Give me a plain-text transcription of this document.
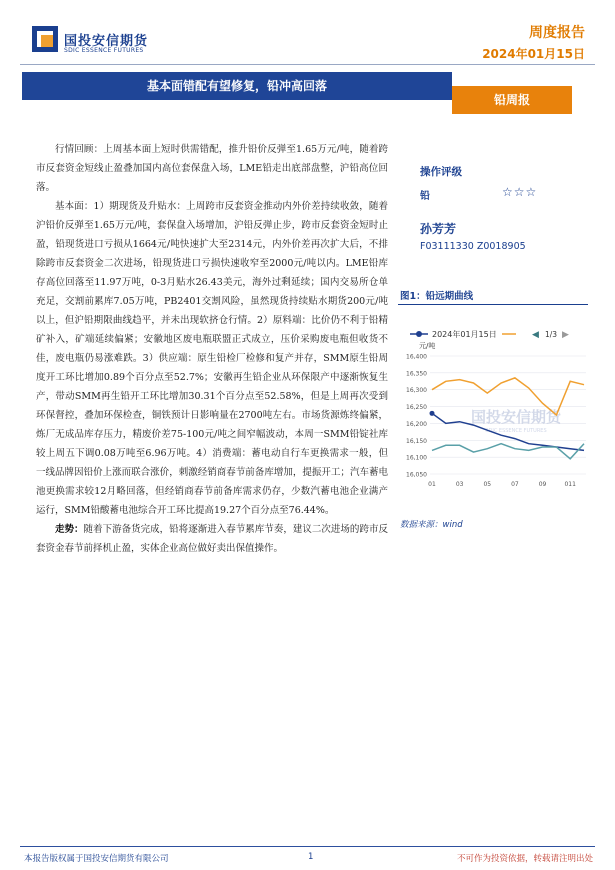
国投安信期货
SDIC ESSENCE FUTURES
周度报告
2024年01月15日
基本面错配有望修复，铅冲高回落
铅周报

行情回顾：上周基本面上短时供需错配，推升铅价反弹至1.65万元/吨，随着跨市反套资金短线止盈叠加国内高位套保盘入场，LME铅走出底部盘整，沪铅高位回落。

基本面：1）期现货及升贴水：上周跨市反套资金推动内外价差持续收敛，随着沪铅价反弹至1.65万元/吨，套保盘入场增加，沪铅反弹止步，跨市反套资金短时止盈，铅现货进口亏损从1664元/吨快速扩大至2314元，内外价差再次扩大后，不排除跨市反套资金二次进场，铅现货进口亏损快速收窄至2000元/吨以内。LME铅库存高位回落至11.97万吨，0-3月贴水26.43美元，海外过剩延续；国内交易所仓单充足，交割前累库7.05万吨，PB2401交割风险，虽然现货持续贴水期货200元/吨以上，但沪铅期限曲线趋平，并未出现软挤仓行情。2）原料端：比价仍不利于铅精矿补入，矿端延续偏紧；安徽地区废电瓶联盟正式成立，压价采购废电瓶但收货不佳，废电瓶仍易涨难跌。3）供应端：原生铅检厂检修和复产并存，SMM原生铅周度开工环比增加0.89个百分点至52.7%；安徽再生铅企业从环保限产中逐渐恢复生产，带动SMM再生铅开工环比增加30.31个百分点至52.58%，但是上周再次受到环保督控，叠加环保检查，铜铁预计日影响量在2700吨左右。市场货源炼终偏紧，炼厂无成品库存压力，精废价差75-100元/吨之间窄幅波动，本周一SMM铅锭社库较上周五下调0.08万吨至6.96万吨。4）消费端：蓄电动自行车更换需求一般，但一线品牌因铅价上涨而联合涨价，刺激经销商春节前备库增加，提振开工；汽车蓄电池更换需求较12月略回落，但经销商春节前备库需求仍存，少数汽蓄电池企业满产运行，SMM铅酸蓄电池综合开工环比提高19.27个百分点至76.44%。

走势：随着下游备货完成，铅将逐渐进入春节累库节奏，建议二次进场的跨市反套资金春节前择机止盈，实体企业高位做好卖出保值操作。

操作评级
铅	☆☆☆
孙芳芳
F03111330 Z0018905
图1：铅远期曲线
2024年01月15日	◀ 1/3 ▶
元/吨
国投安信期货
SDIC ESSENCE FUTURES
16,050
16,100
16,150
16,200
16,250
16,300
16,350
16,400
01	03	05	07	09	011
数据来源：wind
本报告版权属于国投安信期货有限公司	1	不可作为投资依据，转载请注明出处
